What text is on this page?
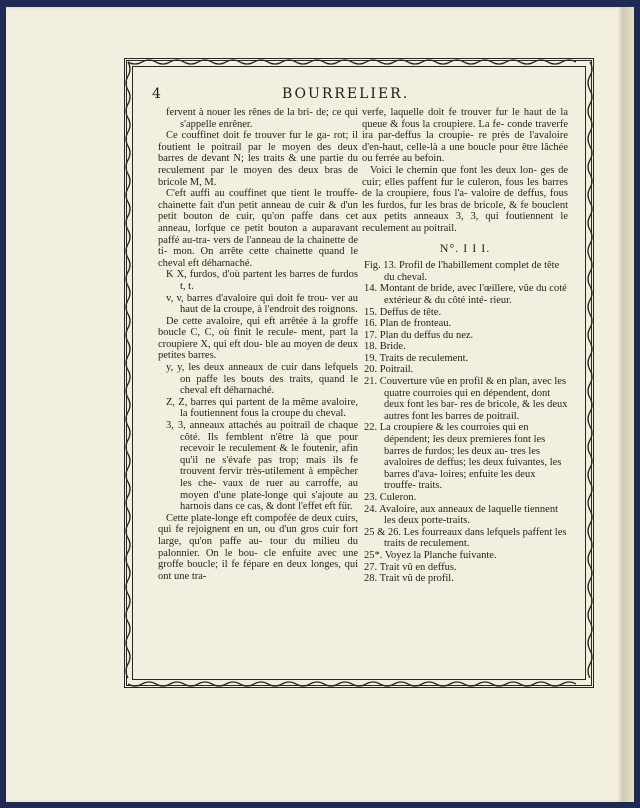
4	BOURRELIER.

fervent à nouer les rênes de la bri- de; ce qui s'appelle enrêner.

Ce couffinet doit fe trouver fur le ga- rot; il foutient le poitrail par le moyen des deux barres de devant N; les traits & une partie du reculement par le moyen des deux bras de bricole M, M.

C'eft auffi au couffinet que tient le trouffe-chainette fait d'un petit anneau de cuir & d'un petit bouton de cuir, qu'on paffe dans cet anneau, lorfque ce petit bouton a auparavant paffé au-tra- vers de l'anneau de la chainette de ti- mon. On arrête cette chainette quand le cheval eft déharnaché.

K X, furdos, d'où partent les barres de furdos t, t.

v, v, barres d'avaloire qui doit fe trou- ver au haut de la croupe, à l'endroit des roignons.

De cette avaloire, qui eft arrêtée à la groffe boucle C, C, où finit le recule- ment, part la croupiere X, qui eft dou- ble au moyen de deux petites barres.

y, y, les deux anneaux de cuir dans lefquels on paffe les bouts des traits, quand le cheval eft déharnaché.

Z, Z, barres qui partent de la même avaloire, la foutiennent fous la croupe du cheval.

3, 3, anneaux attachés au poitrail de chaque côté. Ils femblent n'être là que pour recevoir le reculement & le foutenir, afin qu'il ne s'évafe pas trop; mais ils fe trouvent fervir très-utilement à empêcher les che- vaux de ruer au carroffe, au moyen d'une plate-longe qui s'ajoute au harnois dans ce cas, & dont l'effet eft für.

Cette plate-longe eft compofée de deux cuirs, qui fe rejoignent en un, ou d'un gros cuir fort large, qu'on paffe au- tour du milieu du palonnier. On le bou- cle enfuite avec une groffe boucle; il fe fépare en deux longes, qui ont une tra-

verfe, laquelle doit fe trouver fur le haut de la queue & fous la croupiere. La fe- conde traverfe ira par-deffus la croupie- re près de l'avaloire d'en-haut, celle-là a une boucle pour être lâchée ou ferrée au befoin.

Voici le chemin que font les deux lon- ges de cuir; elles paffent fur le culeron, fous les barres de la croupiere, fous l'a- valoire de deffus, fous les furdos, fur les bras de bricole, & fe bouclent aux petits anneaux 3, 3, qui foutiennent le reculement au poitrail.

N°. I I I.

Fig. 13. Profil de l'habillement complet de tête du cheval.

14. Montant de bride, avec l'œillere, vûe du coté extérieur & du côté inté- rieur.

15. Deffus de tête.

16. Plan de fronteau.

17. Plan du deffus du nez.

18. Bride.

19. Traits de reculement.

20. Poitrail.

21. Couverture vûe en profil & en plan, avec les quatre courroies qui en dépendent, dont deux font les bar- res de bricole, & les deux autres font les barres de poitrail.

22. La croupiere & les courroies qui en dépendent; les deux premieres font les barres de furdos; les deux au- tres les avaloires de deffus; les deux fuivantes, les barres d'ava- loires; enfuite les deux trouffe- traits.

23. Culeron.

24. Avaloire, aux anneaux de laquelle tiennent les deux porte-traits.

25 & 26. Les fourreaux dans lefquels paffent les traits de reculement.

25*. Voyez la Planche fuivante.

27. Trait vû en deffus.

28. Trait vû de profil.
